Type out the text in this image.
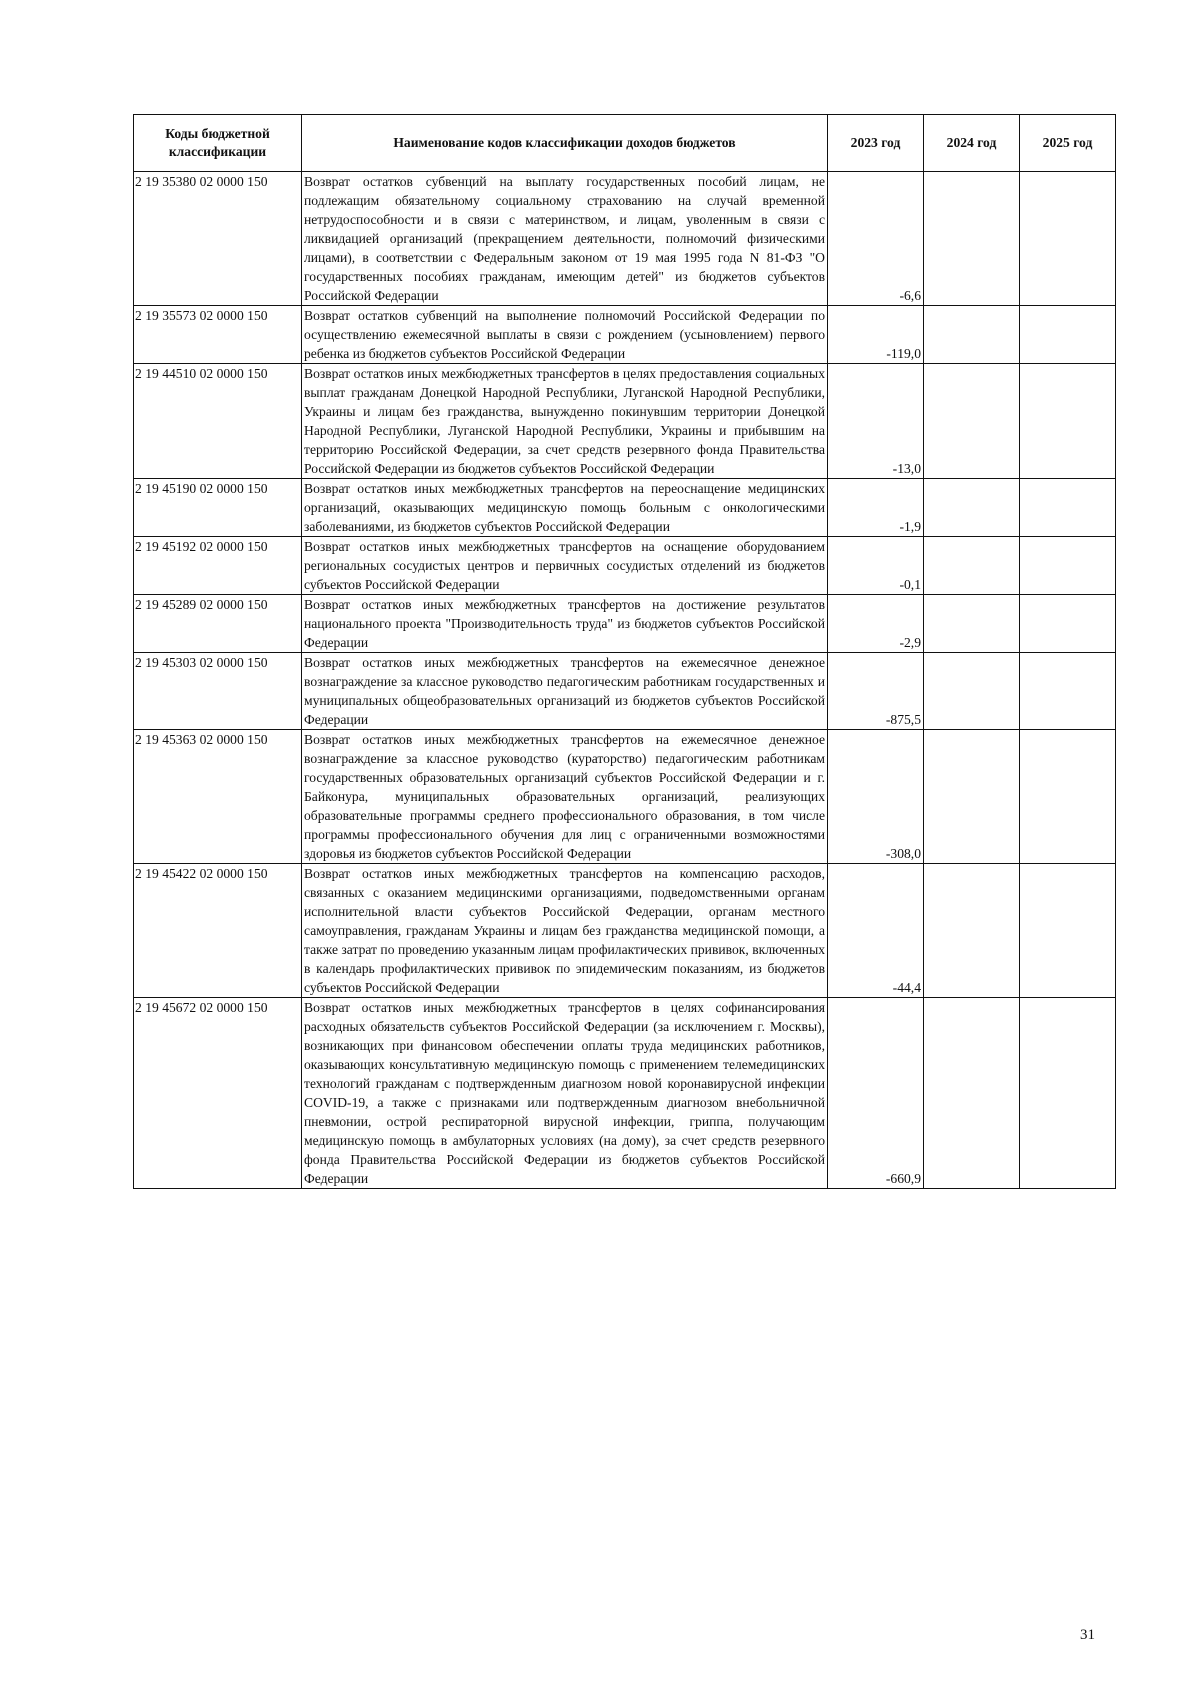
Коды бюджетной классификации	Наименование кодов классификации доходов бюджетов	2023 год	2024 год	2025 год
2 19 35380 02 0000 150	Возврат остатков субвенций на выплату государственных пособий лицам, не подлежащим обязательному социальному страхованию на случай временной нетрудоспособности и в связи с материнством, и лицам, уволенным в связи с ликвидацией организаций (прекращением деятельности, полномочий физическими лицами), в соответствии с Федеральным законом от 19 мая 1995 года N 81-ФЗ "О государственных пособиях гражданам, имеющим детей" из бюджетов субъектов Российской Федерации	-6,6		
2 19 35573 02 0000 150	Возврат остатков субвенций на выполнение полномочий Российской Федерации по осуществлению ежемесячной выплаты в связи с рождением (усыновлением) первого ребенка из бюджетов субъектов Российской Федерации	-119,0		
2 19 44510 02 0000 150	Возврат остатков иных межбюджетных трансфертов в целях предоставления социальных выплат гражданам Донецкой Народной Республики, Луганской Народной Республики, Украины и лицам без гражданства, вынужденно покинувшим территории Донецкой Народной Республики, Луганской Народной Республики, Украины и прибывшим на территорию Российской Федерации, за счет средств резервного фонда Правительства Российской Федерации из бюджетов субъектов Российской Федерации	-13,0		
2 19 45190 02 0000 150	Возврат остатков иных межбюджетных трансфертов на переоснащение медицинских организаций, оказывающих медицинскую помощь больным с онкологическими заболеваниями, из бюджетов субъектов Российской Федерации	-1,9		
2 19 45192 02 0000 150	Возврат остатков иных межбюджетных трансфертов на оснащение оборудованием региональных сосудистых центров и первичных сосудистых отделений из бюджетов субъектов Российской Федерации	-0,1		
2 19 45289 02 0000 150	Возврат остатков иных межбюджетных трансфертов на достижение результатов национального проекта "Производительность труда" из бюджетов субъектов Российской Федерации	-2,9		
2 19 45303 02 0000 150	Возврат остатков иных межбюджетных трансфертов на ежемесячное денежное вознаграждение за классное руководство педагогическим работникам государственных и муниципальных общеобразовательных организаций из бюджетов субъектов Российской Федерации	-875,5		
2 19 45363 02 0000 150	Возврат остатков иных межбюджетных трансфертов на ежемесячное денежное вознаграждение за классное руководство (кураторство) педагогическим работникам государственных образовательных организаций субъектов Российской Федерации и г. Байконура, муниципальных образовательных организаций, реализующих образовательные программы среднего профессионального образования, в том числе программы профессионального обучения для лиц с ограниченными возможностями здоровья из бюджетов субъектов Российской Федерации	-308,0		
2 19 45422 02 0000 150	Возврат остатков иных межбюджетных трансфертов на компенсацию расходов, связанных с оказанием медицинскими организациями, подведомственными органам исполнительной власти субъектов Российской Федерации, органам местного самоуправления, гражданам Украины и лицам без гражданства медицинской помощи, а также затрат по проведению указанным лицам профилактических прививок, включенных в календарь профилактических прививок по эпидемическим показаниям, из бюджетов субъектов Российской Федерации	-44,4		
2 19 45672 02 0000 150	Возврат остатков иных межбюджетных трансфертов в целях софинансирования расходных обязательств субъектов Российской Федерации (за исключением г. Москвы), возникающих при финансовом обеспечении оплаты труда медицинских работников, оказывающих консультативную медицинскую помощь с применением телемедицинских технологий гражданам с подтвержденным диагнозом новой коронавирусной инфекции COVID-19, а также с признаками или подтвержденным диагнозом внебольничной пневмонии, острой респираторной вирусной инфекции, гриппа, получающим медицинскую помощь в амбулаторных условиях (на дому), за счет средств резервного фонда Правительства Российской Федерации из бюджетов субъектов Российской Федерации	-660,9		
31
